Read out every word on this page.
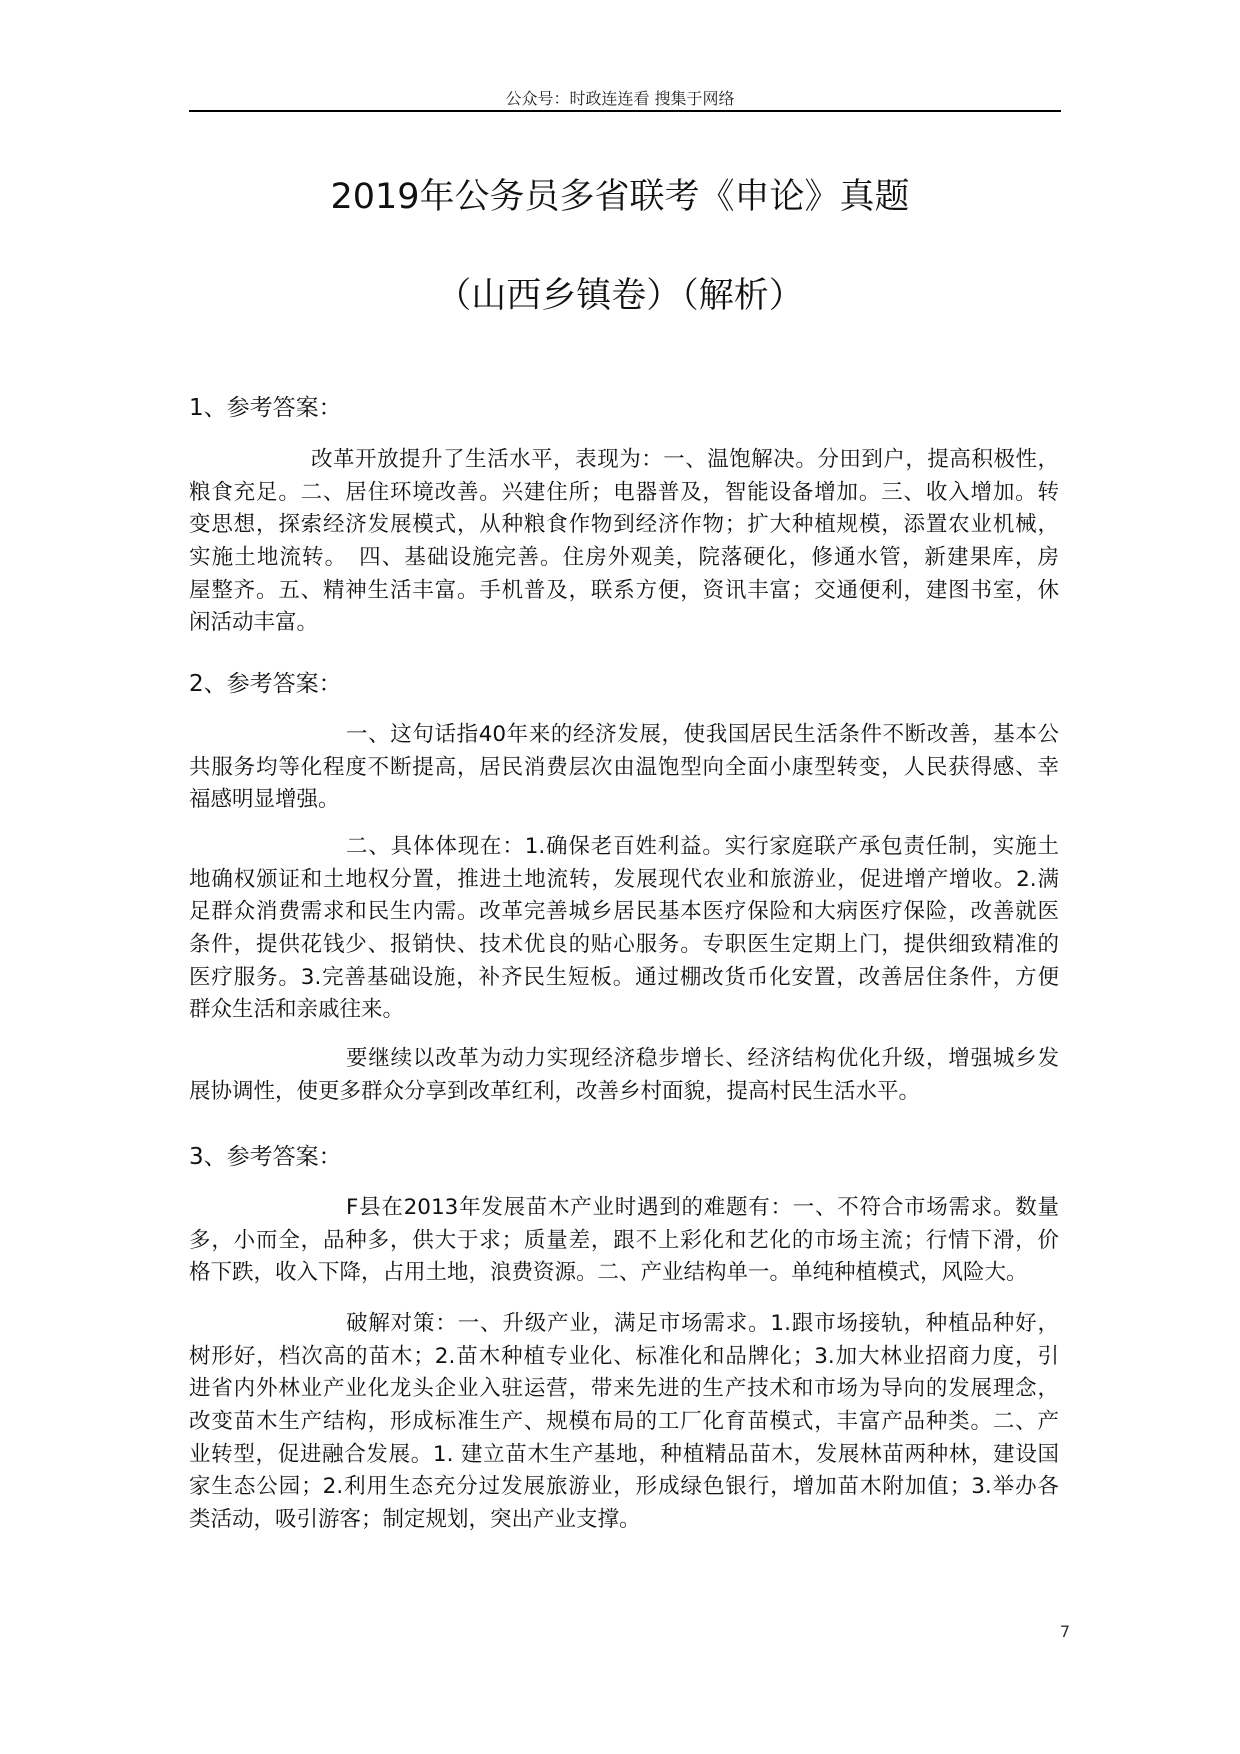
公众号：时政连连看 搜集于网络
2019年公务员多省联考《申论》真题
（山西乡镇卷）（解析）
1、参考答案：
改革开放提升了生活水平，表现为：一、温饱解决。分田到户，提高积极性，
粮食充足。二、居住环境改善。兴建住所；电器普及，智能设备增加。三、收入增加。转
变思想，探索经济发展模式，从种粮食作物到经济作物；扩大种植规模，添置农业机械，
实施土地流转。　四、基础设施完善。住房外观美，院落硬化，修通水管，新建果库，房
屋整齐。五、精神生活丰富。手机普及，联系方便，资讯丰富；交通便利，建图书室，休
闲活动丰富。
2、参考答案：
一、这句话指40年来的经济发展，使我国居民生活条件不断改善，基本公
共服务均等化程度不断提高，居民消费层次由温饱型向全面小康型转变，人民获得感、幸
福感明显增强。
二、具体体现在：1.确保老百姓利益。实行家庭联产承包责任制，实施土
地确权颁证和土地权分置，推进土地流转，发展现代农业和旅游业，促进增产增收。2.满
足群众消费需求和民生内需。改革完善城乡居民基本医疗保险和大病医疗保险，改善就医
条件，提供花钱少、报销快、技术优良的贴心服务。专职医生定期上门，提供细致精准的
医疗服务。3.完善基础设施，补齐民生短板。通过棚改货币化安置，改善居住条件，方便
群众生活和亲戚往来。
要继续以改革为动力实现经济稳步增长、经济结构优化升级，增强城乡发
展协调性，使更多群众分享到改革红利，改善乡村面貌，提高村民生活水平。
3、参考答案：
F县在2013年发展苗木产业时遇到的难题有：一、不符合市场需求。数量
多，小而全，品种多，供大于求；质量差，跟不上彩化和艺化的市场主流；行情下滑，价
格下跌，收入下降，占用土地，浪费资源。二、产业结构单一。单纯种植模式，风险大。
破解对策：一、升级产业，满足市场需求。1.跟市场接轨，种植品种好，
树形好，档次高的苗木；2.苗木种植专业化、标准化和品牌化；3.加大林业招商力度，引
进省内外林业产业化龙头企业入驻运营，带来先进的生产技术和市场为导向的发展理念，
改变苗木生产结构，形成标准生产、规模布局的工厂化育苗模式，丰富产品种类。二、产
业转型，促进融合发展。1. 建立苗木生产基地，种植精品苗木，发展林苗两种林，建设国
家生态公园；2.利用生态充分过发展旅游业，形成绿色银行，增加苗木附加值；3.举办各
类活动，吸引游客；制定规划，突出产业支撑。
7
